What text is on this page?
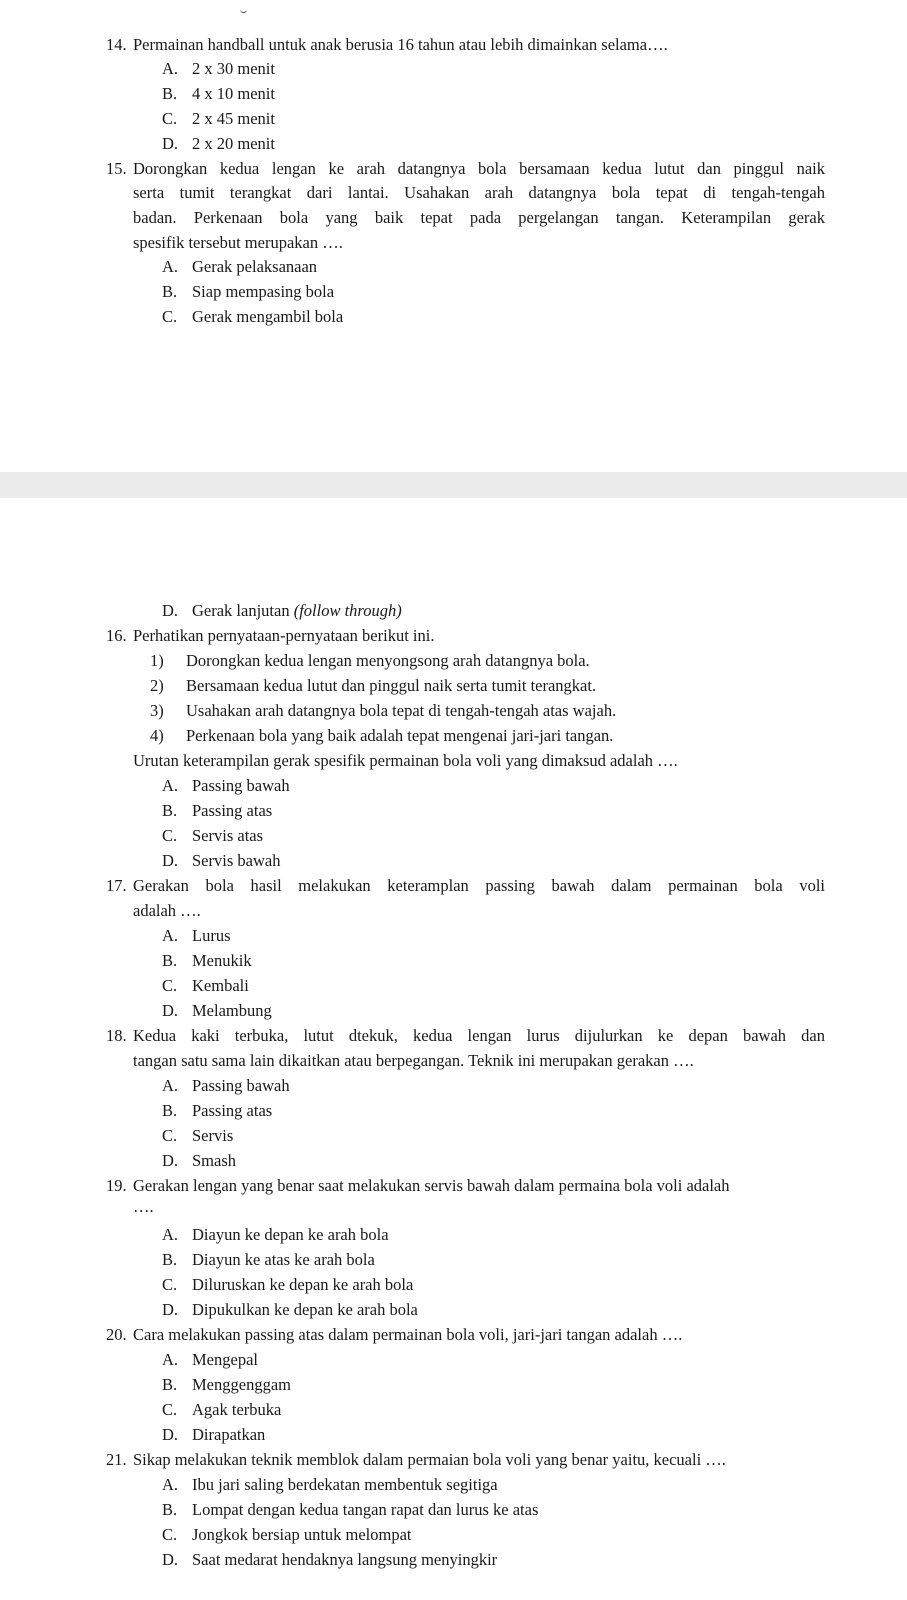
14. Permainan handball untuk anak berusia 16 tahun atau lebih dimainkan selama….
A. 2 x 30 menit
B. 4 x 10 menit
C. 2 x 45 menit
D. 2 x 20 menit
15. Dorongkan kedua lengan ke arah datangnya bola bersamaan kedua lutut dan pinggul naik
serta tumit terangkat dari lantai. Usahakan arah datangnya bola tepat di tengah-tengah
badan. Perkenaan bola yang baik tepat pada pergelangan tangan. Keterampilan gerak
spesifik tersebut merupakan ….
A. Gerak pelaksanaan
B. Siap mempasing bola
C. Gerak mengambil bola
D. Gerak lanjutan (follow through)
16. Perhatikan pernyataan-pernyataan berikut ini.
1) Dorongkan kedua lengan menyongsong arah datangnya bola.
2) Bersamaan kedua lutut dan pinggul naik serta tumit terangkat.
3) Usahakan arah datangnya bola tepat di tengah-tengah atas wajah.
4) Perkenaan bola yang baik adalah tepat mengenai jari-jari tangan.
Urutan keterampilan gerak spesifik permainan bola voli yang dimaksud adalah ….
A. Passing bawah
B. Passing atas
C. Servis atas
D. Servis bawah
17. Gerakan bola hasil melakukan keteramplan passing bawah dalam permainan bola voli
adalah ….
A. Lurus
B. Menukik
C. Kembali
D. Melambung
18. Kedua kaki terbuka, lutut dtekuk, kedua lengan lurus dijulurkan ke depan bawah dan
tangan satu sama lain dikaitkan atau berpegangan. Teknik ini merupakan gerakan ….
A. Passing bawah
B. Passing atas
C. Servis
D. Smash
19. Gerakan lengan yang benar saat melakukan servis bawah dalam permaina bola voli adalah
….
A. Diayun ke depan ke arah bola
B. Diayun ke atas ke arah bola
C. Diluruskan ke depan ke arah bola
D. Dipukulkan ke depan ke arah bola
20. Cara melakukan passing atas dalam permainan bola voli, jari-jari tangan adalah ….
A. Mengepal
B. Menggenggam
C. Agak terbuka
D. Dirapatkan
21. Sikap melakukan teknik memblok dalam permaian bola voli yang benar yaitu, kecuali ….
A. Ibu jari saling berdekatan membentuk segitiga
B. Lompat dengan kedua tangan rapat dan lurus ke atas
C. Jongkok bersiap untuk melompat
D. Saat medarat hendaknya langsung menyingkir
